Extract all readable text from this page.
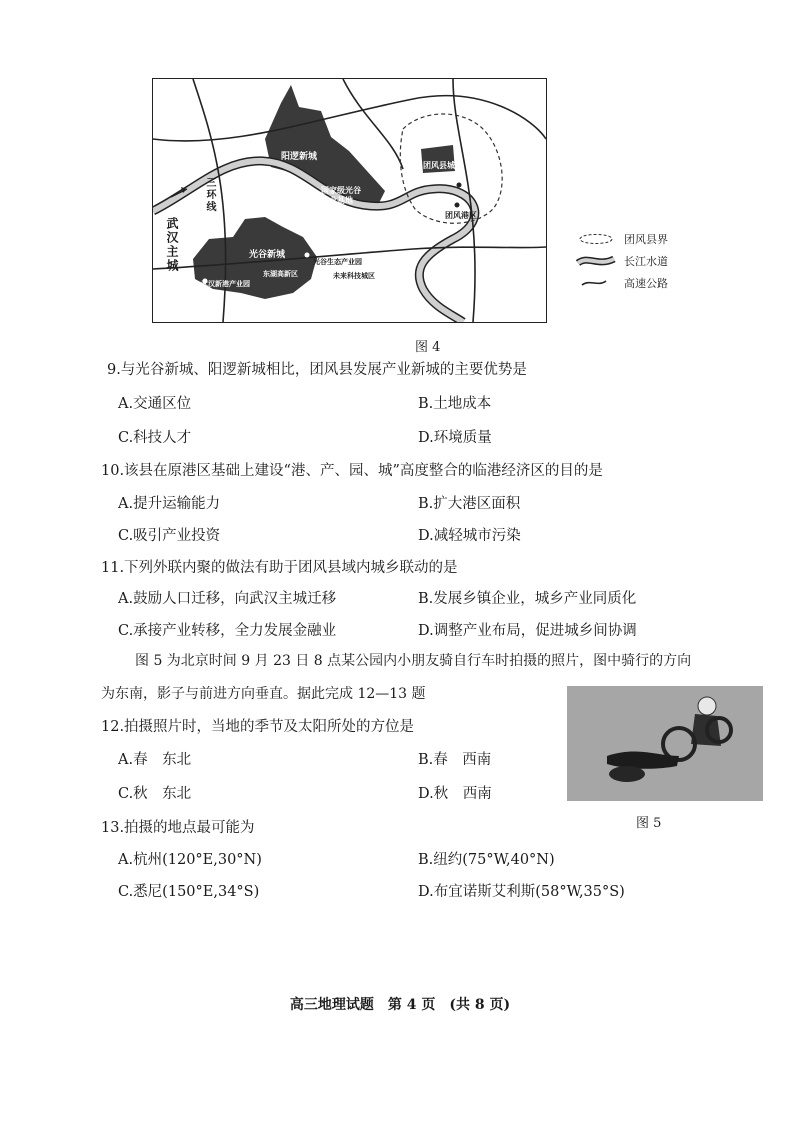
武汉主城
三环线
阳逻新城
国家级光谷产业基地
团风县城
团风港区
光谷新城
光谷生态产业园
未来科技城区
武汉新港产业园
东湖高新区
团风县界
长江水道
高速公路
图 4
9.与光谷新城、阳逻新城相比，团风县发展产业新城的主要优势是
A.交通区位	B.土地成本
C.科技人才	D.环境质量
10.该县在原港区基础上建设“港、产、园、城”高度整合的临港经济区的目的是
A.提升运输能力	B.扩大港区面积
C.吸引产业投资	D.减轻城市污染
11.下列外联内聚的做法有助于团风县域内城乡联动的是
A.鼓励人口迁移，向武汉主城迁移	B.发展乡镇企业，城乡产业同质化
C.承接产业转移，全力发展金融业	D.调整产业布局，促进城乡间协调
图 5 为北京时间 9 月 23 日 8 点某公园内小朋友骑自行车时拍摄的照片，图中骑行的方向
为东南，影子与前进方向垂直。据此完成 12—13 题
12.拍摄照片时，当地的季节及太阳所处的方位是
A.春　东北	B.春　西南
C.秋　东北	D.秋　西南
图 5
13.拍摄的地点最可能为
A.杭州(120°E,30°N)	B.纽约(75°W,40°N)
C.悉尼(150°E,34°S)	D.布宜诺斯艾利斯(58°W,35°S)
高三地理试题　第 4 页　(共 8 页)
